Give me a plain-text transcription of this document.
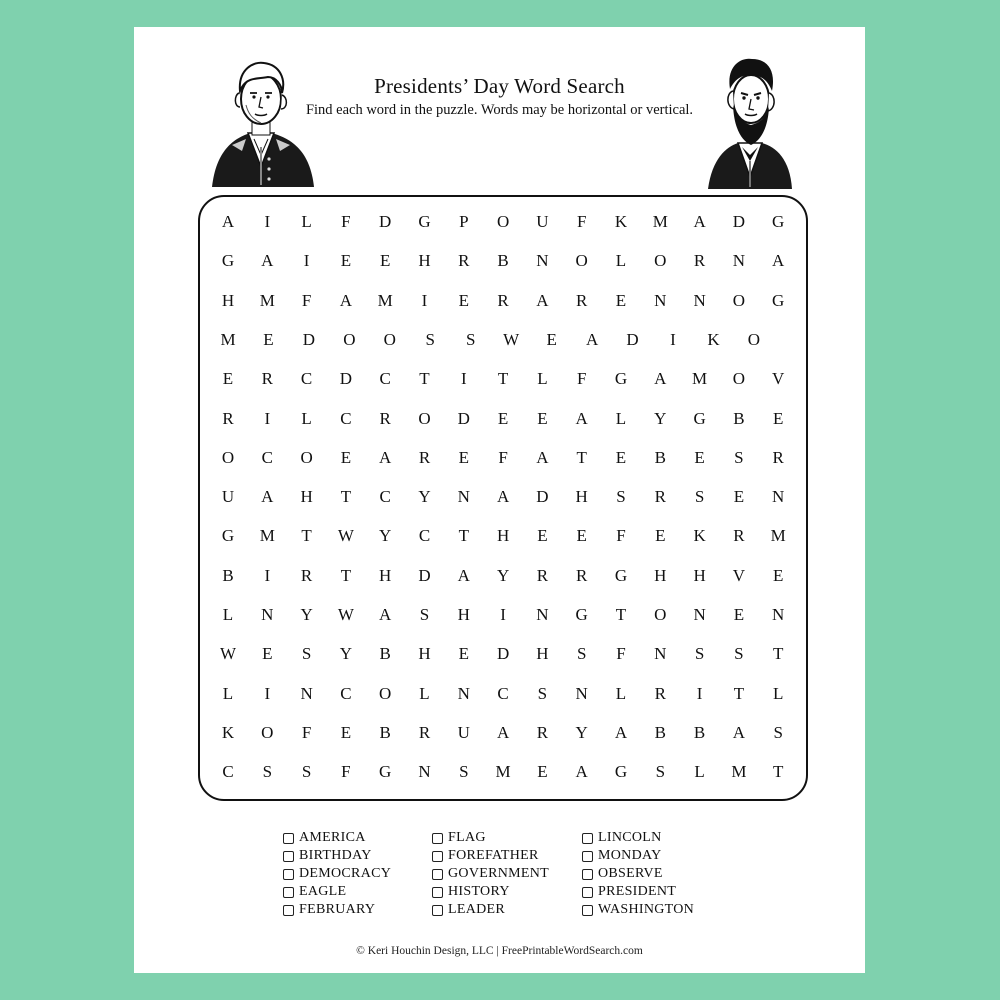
Presidents’ Day Word Search
Find each word in the puzzle. Words may be horizontal or vertical.
A	I	L	F	D	G	P	O	U	F	K	M	A	D	G
G	A	I	E	E	H	R	B	N	O	L	O	R	N	A
H	M	F	A	M	I	E	R	A	R	E	N	N	O	G
M	E	D	O	O	S	S	W	E	A	D	I	K	O
E	R	C	D	C	T	I	T	L	F	G	A	M	O	V
R	I	L	C	R	O	D	E	E	A	L	Y	G	B	E
O	C	O	E	A	R	E	F	A	T	E	B	E	S	R
U	A	H	T	C	Y	N	A	D	H	S	R	S	E	N
G	M	T	W	Y	C	T	H	E	E	F	E	K	R	M
B	I	R	T	H	D	A	Y	R	R	G	H	H	V	E
L	N	Y	W	A	S	H	I	N	G	T	O	N	E	N
W	E	S	Y	B	H	E	D	H	S	F	N	S	S	T
L	I	N	C	O	L	N	C	S	N	L	R	I	T	L
K	O	F	E	B	R	U	A	R	Y	A	B	B	A	S
C	S	S	F	G	N	S	M	E	A	G	S	L	M	T
AMERICA
BIRTHDAY
DEMOCRACY
EAGLE
FEBRUARY
FLAG
FOREFATHER
GOVERNMENT
HISTORY
LEADER
LINCOLN
MONDAY
OBSERVE
PRESIDENT
WASHINGTON
© Keri Houchin Design, LLC | FreePrintableWordSearch.com
